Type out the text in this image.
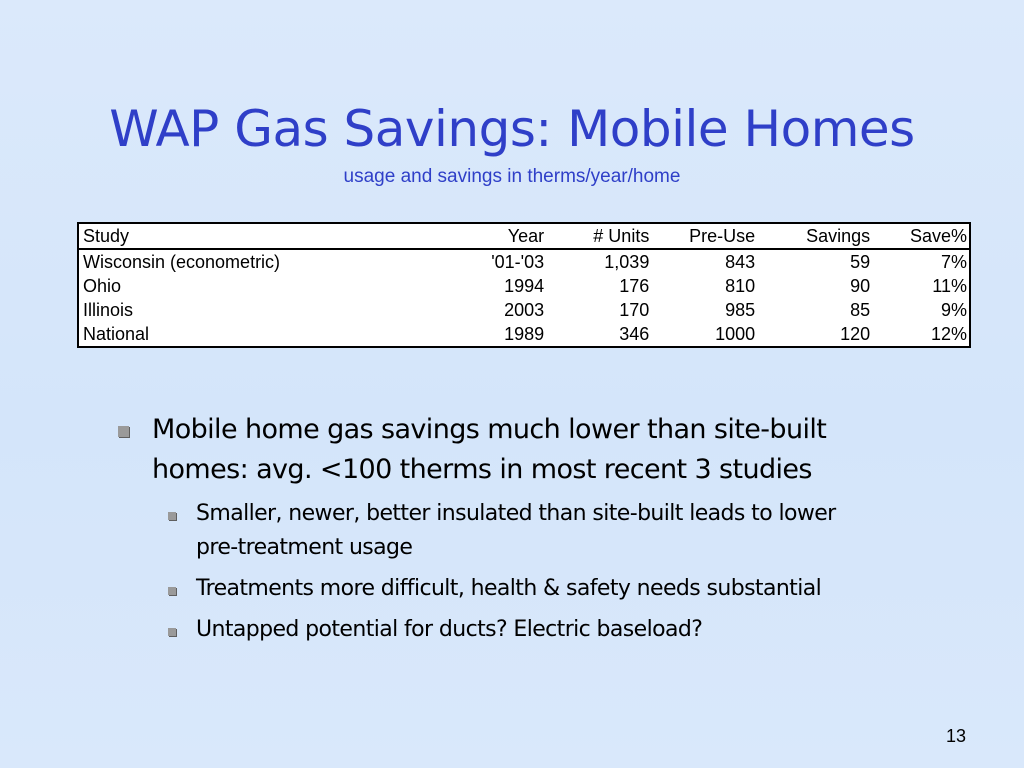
WAP Gas Savings: Mobile Homes
usage and savings in therms/year/home
Study	Year	# Units	Pre-Use	Savings	Save%
Wisconsin (econometric)	'01-'03	1,039	843	59	7%
Ohio	1994	176	810	90	11%
Illinois	2003	170	985	85	9%
National	1989	346	1000	120	12%
Mobile home gas savings much lower than site-built
homes: avg. <100 therms in most recent 3 studies
Smaller, newer, better insulated than site-built leads to lower
pre-treatment usage
Treatments more difficult, health & safety needs substantial
Untapped potential for ducts? Electric baseload?
13
